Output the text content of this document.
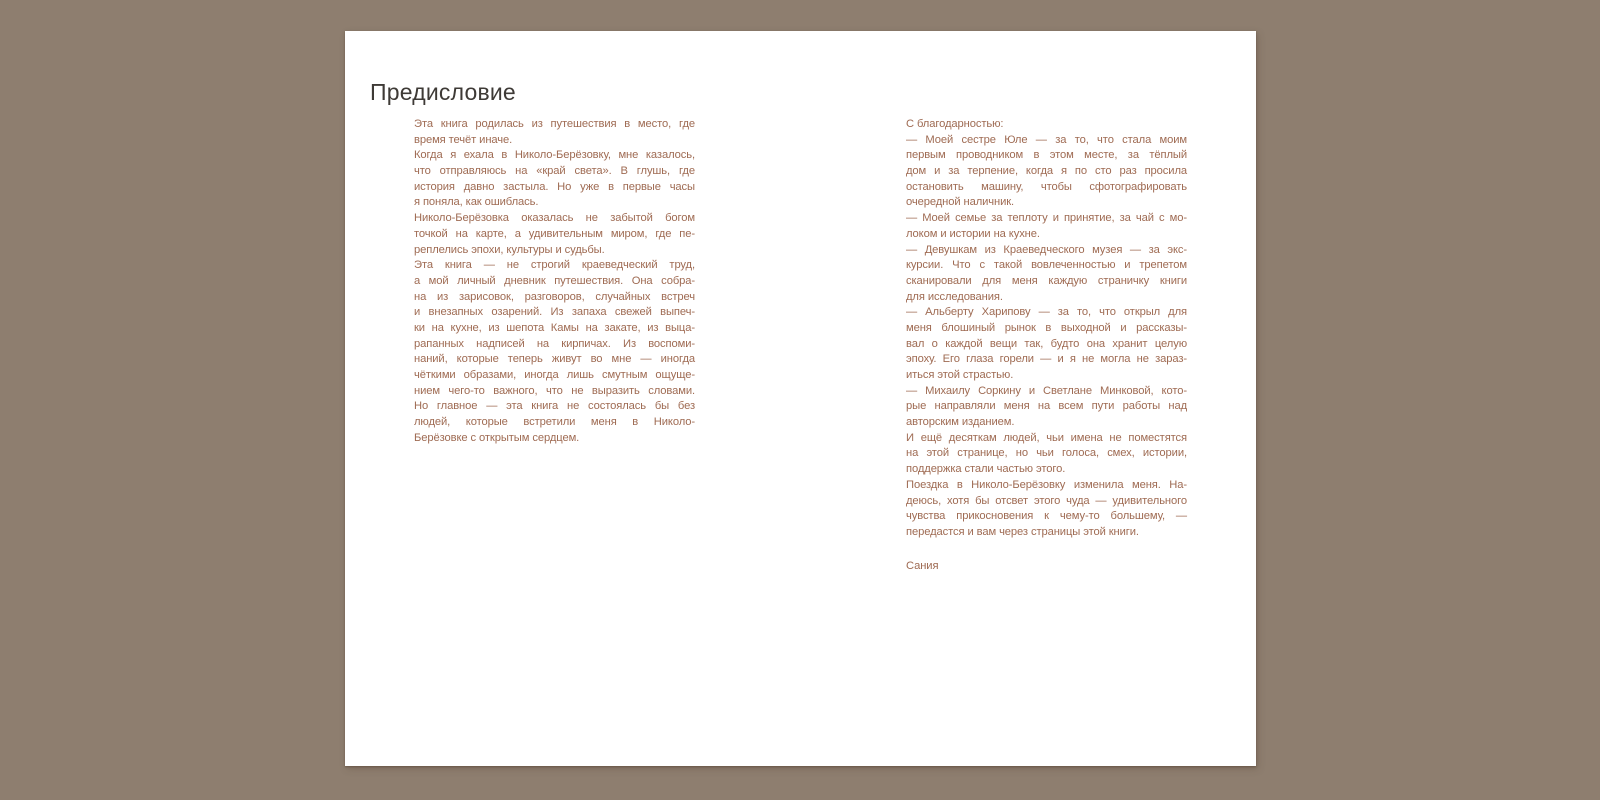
Предисловие
Эта книга родилась из путешествия в место, где
время течёт иначе.
Когда я ехала в Николо-Берёзовку, мне казалось,
что отправляюсь на «край света». В глушь, где
история давно застыла. Но уже в первые часы
я поняла, как ошиблась.
Николо-Берёзовка оказалась не забытой богом
точкой на карте, а удивительным миром, где пе-
реплелись эпохи, культуры и судьбы.
Эта книга — не строгий краеведческий труд,
а мой личный дневник путешествия. Она собра-
на из зарисовок, разговоров, случайных встреч
и внезапных озарений. Из запаха свежей выпеч-
ки на кухне, из шепота Камы на закате, из выца-
рапанных надписей на кирпичах. Из воспоми-
наний, которые теперь живут во мне — иногда
чёткими образами, иногда лишь смутным ощуще-
нием чего-то важного, что не выразить словами.
Но главное — эта книга не состоялась бы без
людей, которые встретили меня в Николо-
Берёзовке с открытым сердцем.
С благодарностью:
— Моей сестре Юле — за то, что стала моим
первым проводником в этом месте, за тёплый
дом и за терпение, когда я по сто раз просила
остановить машину, чтобы сфотографировать
очередной наличник.
— Моей семье за теплоту и принятие, за чай с мо-
локом и истории на кухне.
— Девушкам из Краеведческого музея — за экс-
курсии. Что с такой вовлеченностью и трепетом
сканировали для меня каждую страничку книги
для исследования.
— Альберту Харипову — за то, что открыл для
меня блошиный рынок в выходной и рассказы-
вал о каждой вещи так, будто она хранит целую
эпоху. Его глаза горели — и я не могла не зараз-
иться этой страстью.
— Михаилу Соркину и Светлане Минковой, кото-
рые направляли меня на всем пути работы над
авторским изданием.
И ещё десяткам людей, чьи имена не поместятся
на этой странице, но чьи голоса, смех, истории,
поддержка стали частью этого.
Поездка в Николо-Берёзовку изменила меня. На-
деюсь, хотя бы отсвет этого чуда — удивительного
чувства прикосновения к чему-то большему, —
передастся и вам через страницы этой книги.
Сания
